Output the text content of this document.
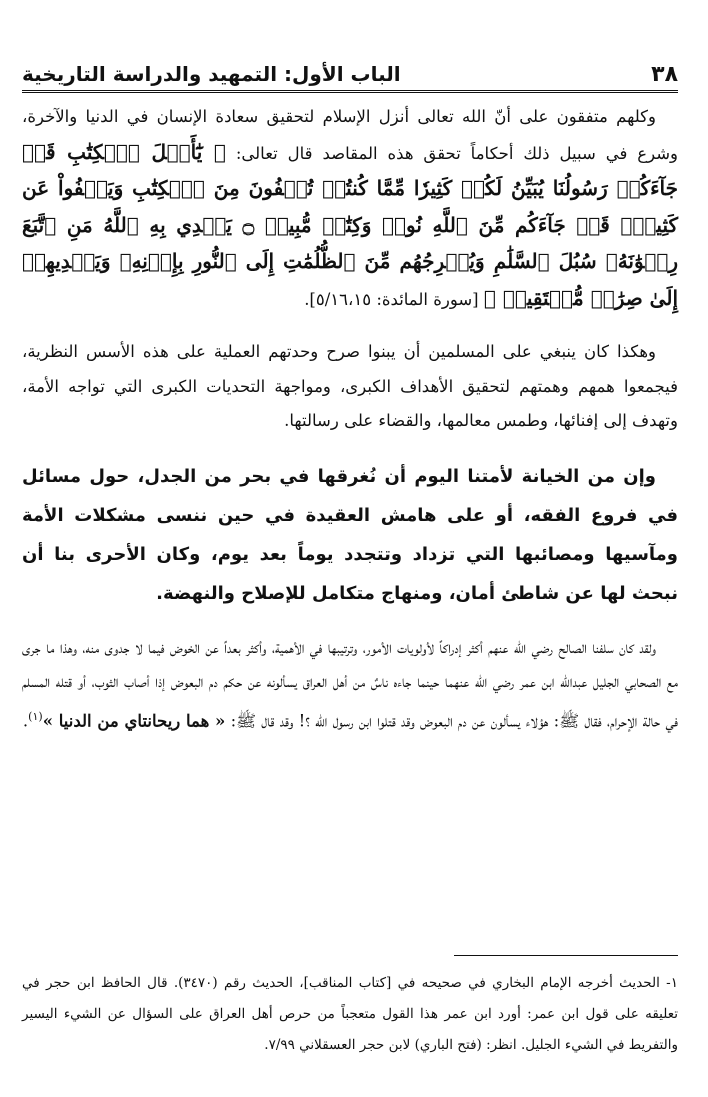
الباب الأول: التمهيد والدراسة التاريخية	٣٨

وكلهم متفقون على أنّ الله تعالى أنزل الإسلام لتحقيق سعادة الإنسان في الدنيا والآخرة، وشرع في سبيل ذلك أحكاماً تحقق هذه المقاصد قال تعالى: ﴿ يَٰٓأَهۡلَ ٱلۡكِتَٰبِ قَدۡ جَآءَكُمۡ رَسُولُنَا يُبَيِّنُ لَكُمۡ كَثِيرٗا مِّمَّا كُنتُمۡ تُخۡفُونَ مِنَ ٱلۡكِتَٰبِ وَيَعۡفُواْ عَن كَثِيرٖۚ قَدۡ جَآءَكُم مِّنَ ٱللَّهِ نُورٞ وَكِتَٰبٞ مُّبِينٞ ۝ يَهۡدِي بِهِ ٱللَّهُ مَنِ ٱتَّبَعَ رِضۡوَٰنَهُۥ سُبُلَ ٱلسَّلَٰمِ وَيُخۡرِجُهُم مِّنَ ٱلظُّلُمَٰتِ إِلَى ٱلنُّورِ بِإِذۡنِهِۦ وَيَهۡدِيهِمۡ إِلَىٰ صِرَٰطٖ مُّسۡتَقِيمٖ ﴾ [سورة المائدة: ٥/١٦،١٥].

وهكذا كان ينبغي على المسلمين أن يبنوا صرح وحدتهم العملية على هذه الأسس النظرية، فيجمعوا همهم وهمتهم لتحقيق الأهداف الكبرى، ومواجهة التحديات الكبرى التي تواجه الأمة، وتهدف إلى إفنائها، وطمس معالمها، والقضاء على رسالتها.

وإن من الخيانة لأمتنا اليوم أن نُغرقها في بحر من الجدل، حول مسائل في فروع الفقه، أو على هامش العقيدة في حين ننسى مشكلات الأمة ومآسيها ومصائبها التي تزداد وتتجدد يوماً بعد يوم، وكان الأحرى بنا أن نبحث لها عن شاطئ أمان، ومنهاج متكامل للإصلاح والنهضة.

ولقد كان سلفنا الصالح رضي الله عنهم أكثر إدراكاً لأولويات الأمور، وترتيبها في الأهمية، وأكثر بعداً عن الخوض فيما لا جدوى منه، وهذا ما جرى مع الصحابي الجليل عبدالله ابن عمر رضي الله عنهما حينما جاءه ناسٌ من أهل العراق يسألونه عن حكم دم البعوض إذا أصاب الثوب، أو قتله المسلم في حالة الإحرام، فقال ﷺ: هؤلاء يسألون عن دم البعوض وقد قتلوا ابن رسول الله ؟! وقد قال ﷺ: « هما ريحانتاي من الدنيا »$^{(١)}$.

١- الحديث أخرجه الإمام البخاري في صحيحه في [كتاب المناقب]، الحديث رقم (٣٤٧٠). قال الحافظ ابن حجر في تعليقه على قول ابن عمر: أورد ابن عمر هذا القول متعجباً من حرص أهل العراق على السؤال عن الشيء اليسير والتفريط في الشيء الجليل. انظر: (فتح الباري) لابن حجر العسقلاني ٧/٩٩.
